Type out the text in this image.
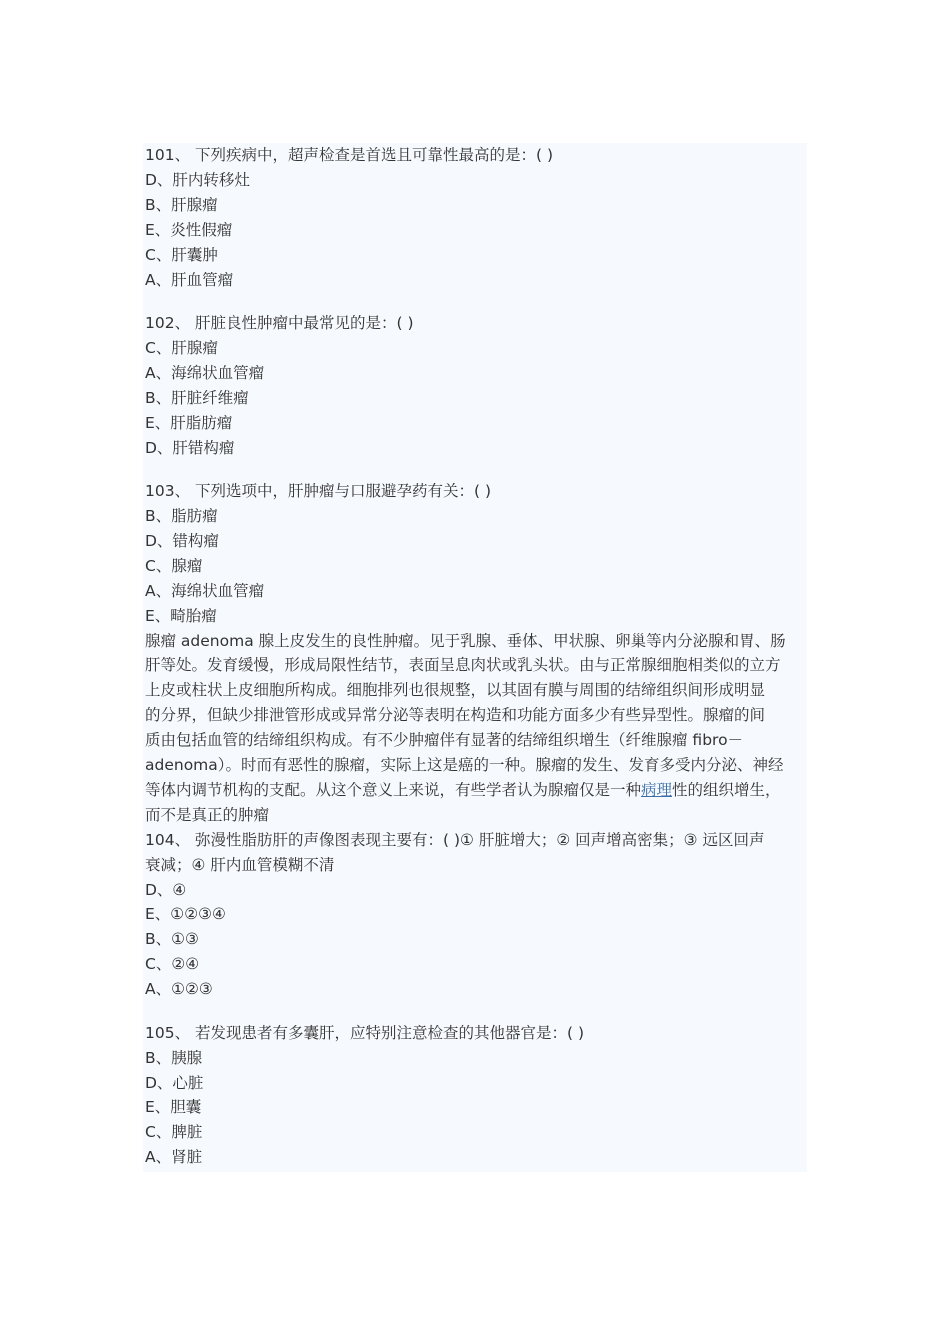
101、 下列疾病中，超声检查是首选且可靠性最高的是：( )
D、肝内转移灶
B、肝腺瘤
E、炎性假瘤
C、肝囊肿
A、肝血管瘤
102、 肝脏良性肿瘤中最常见的是：( )
C、肝腺瘤
A、海绵状血管瘤
B、肝脏纤维瘤
E、肝脂肪瘤
D、肝错构瘤
103、 下列选项中，肝肿瘤与口服避孕药有关：( )
B、脂肪瘤
D、错构瘤
C、腺瘤
A、海绵状血管瘤
E、畸胎瘤
腺瘤 adenoma 腺上皮发生的良性肿瘤。见于乳腺、垂体、甲状腺、卵巢等内分泌腺和胃、肠
肝等处。发育缓慢，形成局限性结节，表面呈息肉状或乳头状。由与正常腺细胞相类似的立方
上皮或柱状上皮细胞所构成。细胞排列也很规整，以其固有膜与周围的结缔组织间形成明显
的分界，但缺少排泄管形成或异常分泌等表明在构造和功能方面多少有些异型性。腺瘤的间
质由包括血管的结缔组织构成。有不少肿瘤伴有显著的结缔组织增生（纤维腺瘤 fibro－
adenoma）。时而有恶性的腺瘤，实际上这是癌的一种。腺瘤的发生、发育多受内分泌、神经
等体内调节机构的支配。从这个意义上来说，有些学者认为腺瘤仅是一种病理性的组织增生，
而不是真正的肿瘤
104、 弥漫性脂肪肝的声像图表现主要有：( )① 肝脏增大；② 回声增高密集；③ 远区回声
衰减；④ 肝内血管模糊不清
D、④
E、①②③④
B、①③
C、②④
A、①②③
105、 若发现患者有多囊肝，应特别注意检查的其他器官是：( )
B、胰腺
D、心脏
E、胆囊
C、脾脏
A、肾脏
